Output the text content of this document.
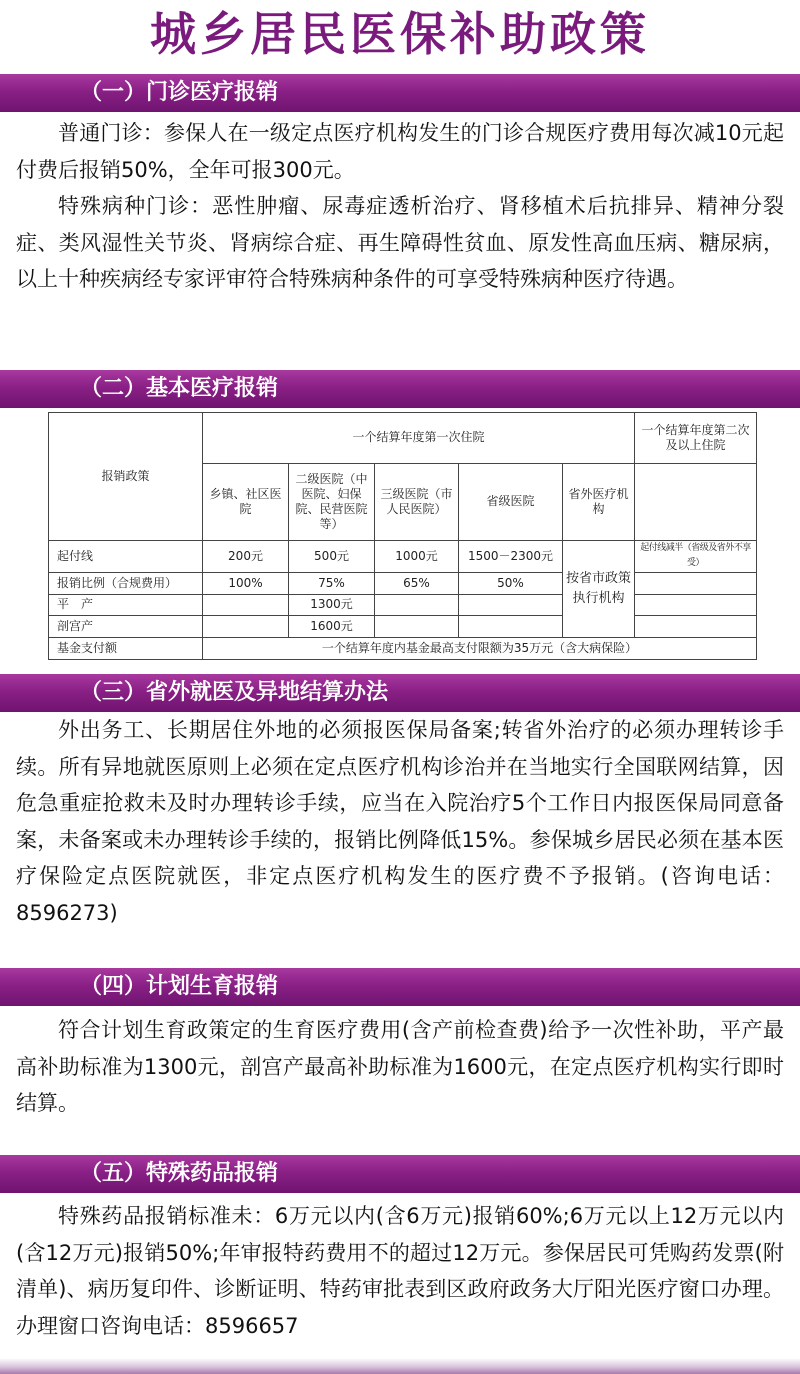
城乡居民医保补助政策
（一）门诊医疗报销

普通门诊：参保人在一级定点医疗机构发生的门诊合规医疗费用每次减10元起付费后报销50%，全年可报300元。

特殊病种门诊：恶性肿瘤、尿毒症透析治疗、肾移植术后抗排异、精神分裂症、类风湿性关节炎、肾病综合症、再生障碍性贫血、原发性高血压病、糖尿病，以上十种疾病经专家评审符合特殊病种条件的可享受特殊病种医疗待遇。

（二）基本医疗报销
报销政策	一个结算年度第一次住院					一个结算年度第二次及以上住院
	乡镇、社区医院	二级医院（中医院、妇保院、民营医院等）	三级医院（市人民医院）	省级医院	省外医疗机构	
起付线	200元	500元	1000元	1500－2300元	按省市政策执行机构	起付线减半（省级及省外不享受）
报销比例（合规费用）	100%	75%	65%	50%		
平　产		1300元				
剖宫产		1600元				
基金支付额	一个结算年度内基金最高支付限额为35万元（含大病保险）					
（三）省外就医及异地结算办法

外出务工、长期居住外地的必须报医保局备案;转省外治疗的必须办理转诊手续。所有异地就医原则上必须在定点医疗机构诊治并在当地实行全国联网结算，因危急重症抢救未及时办理转诊手续，应当在入院治疗5个工作日内报医保局同意备案，未备案或未办理转诊手续的，报销比例降低15%。参保城乡居民必须在基本医疗保险定点医院就医，非定点医疗机构发生的医疗费不予报销。(咨询电话：8596273)

（四）计划生育报销

符合计划生育政策定的生育医疗费用(含产前检查费)给予一次性补助，平产最高补助标准为1300元，剖宫产最高补助标准为1600元，在定点医疗机构实行即时结算。

（五）特殊药品报销

特殊药品报销标准未：6万元以内(含6万元)报销60%;6万元以上12万元以内(含12万元)报销50%;年审报特药费用不的超过12万元。参保居民可凭购药发票(附清单)、病历复印件、诊断证明、特药审批表到区政府政务大厅阳光医疗窗口办理。办理窗口咨询电话：8596657
